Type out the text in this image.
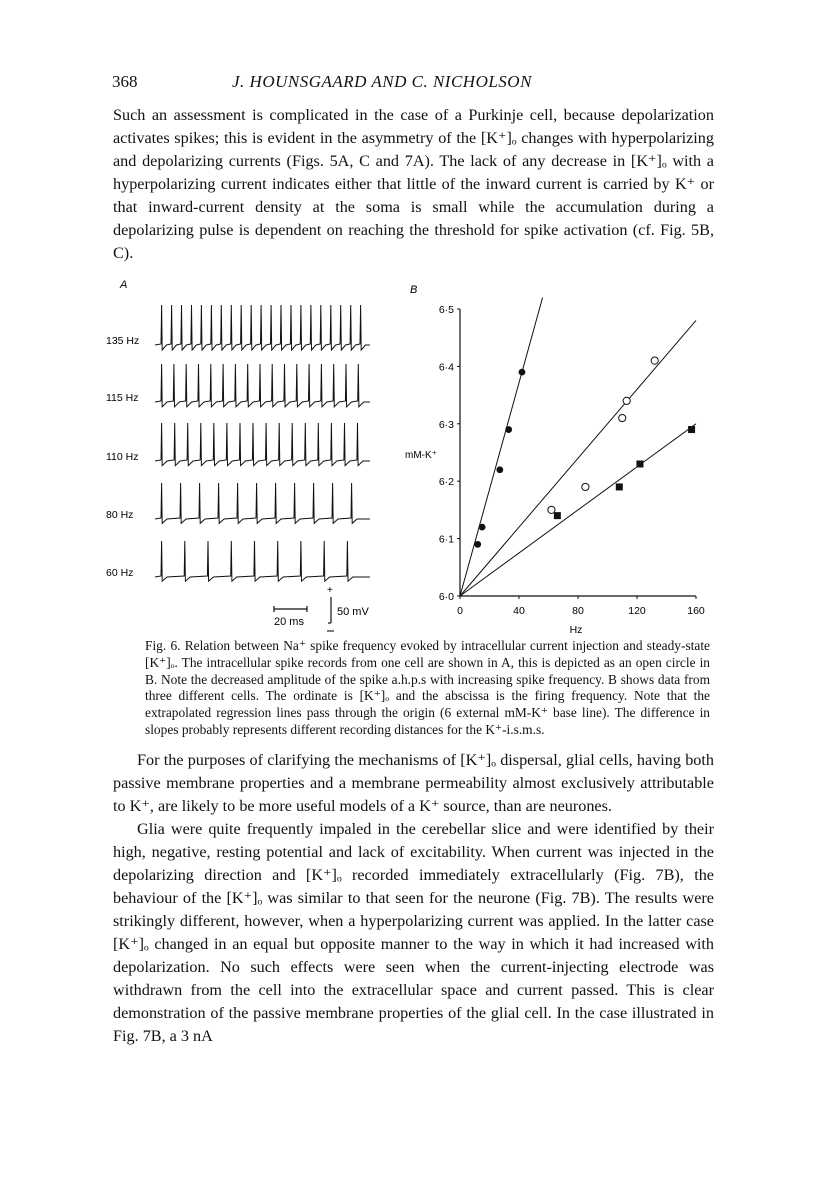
368	J. HOUNSGAARD AND C. NICHOLSON

Such an assessment is complicated in the case of a Purkinje cell, because depolarization activates spikes; this is evident in the asymmetry of the [K⁺]ₒ changes with hyperpolarizing and depolarizing currents (Figs. 5A, C and 7A). The lack of any decrease in [K⁺]ₒ with a hyperpolarizing current indicates either that little of the inward current is carried by K⁺ or that inward-current density at the soma is small while the accumulation during a depolarizing pulse is dependent on reaching the threshold for spike activation (cf. Fig. 5B, C).

A
135 Hz
115 Hz
110 Hz
80 Hz
60 Hz
20 ms
+
50 mV
B
mM-K⁺
Hz
6·0
6·1
6·2
6·3
6·4
6·5
0	40	80	120	160

Fig. 6. Relation between Na⁺ spike frequency evoked by intracellular current injection and steady-state [K⁺]ₒ. The intracellular spike records from one cell are shown in A, this is depicted as an open circle in B. Note the decreased amplitude of the spike a.h.p.s with increasing spike frequency. B shows data from three different cells. The ordinate is [K⁺]ₒ and the abscissa is the firing frequency. Note that the extrapolated regression lines pass through the origin (6 external mM-K⁺ base line). The difference in slopes probably represents different recording distances for the K⁺-i.s.m.s.

For the purposes of clarifying the mechanisms of [K⁺]ₒ dispersal, glial cells, having both passive membrane properties and a membrane permeability almost exclusively attributable to K⁺, are likely to be more useful models of a K⁺ source, than are neurones.

Glia were quite frequently impaled in the cerebellar slice and were identified by their high, negative, resting potential and lack of excitability. When current was injected in the depolarizing direction and [K⁺]ₒ recorded immediately extracellularly (Fig. 7B), the behaviour of the [K⁺]ₒ was similar to that seen for the neurone (Fig. 7B). The results were strikingly different, however, when a hyperpolarizing current was applied. In the latter case [K⁺]ₒ changed in an equal but opposite manner to the way in which it had increased with depolarization. No such effects were seen when the current-injecting electrode was withdrawn from the cell into the extracellular space and current passed. This is clear demonstration of the passive membrane properties of the glial cell. In the case illustrated in Fig. 7B, a 3 nA
